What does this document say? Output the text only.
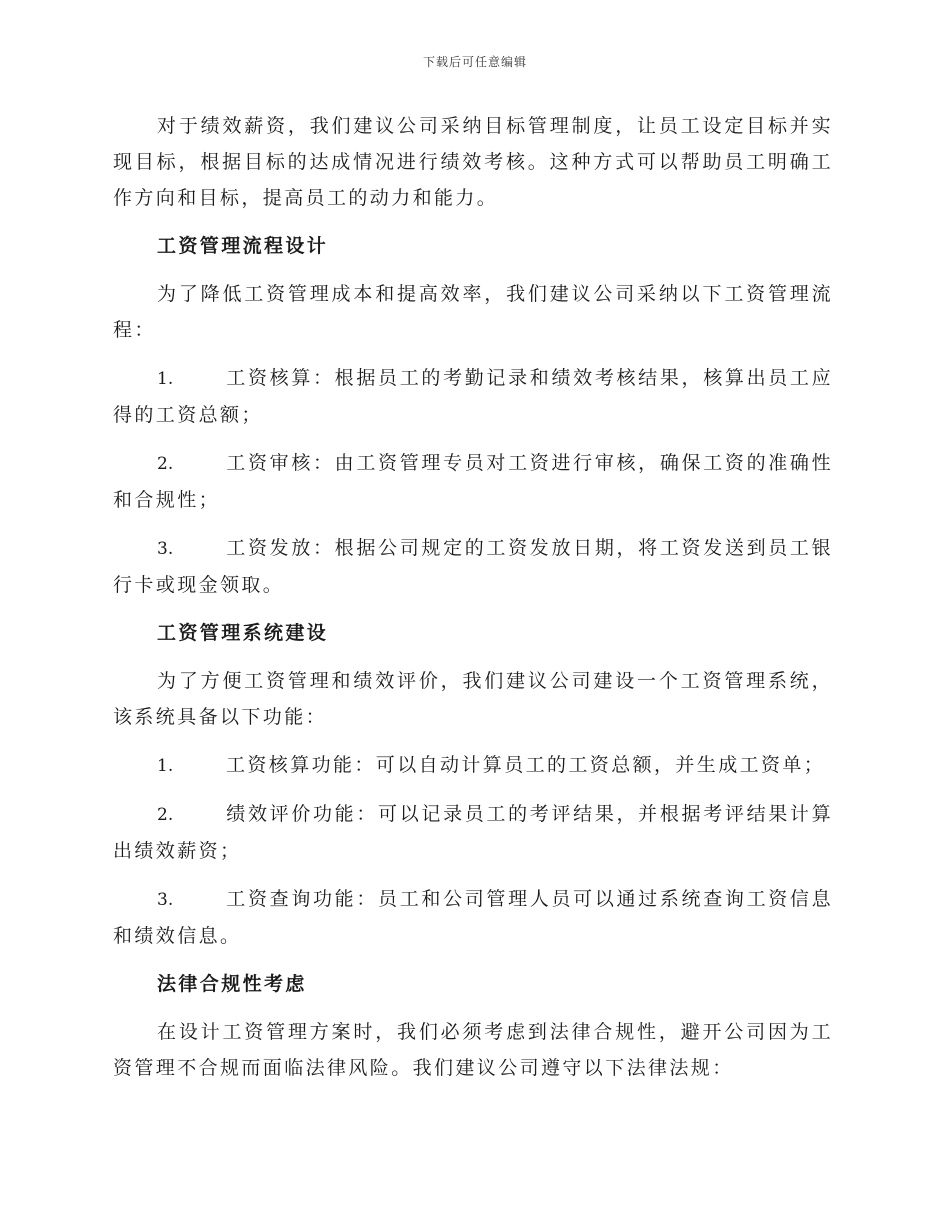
下载后可任意编辑

对于绩效薪资，我们建议公司采纳目标管理制度，让员工设定目标并实现目标，根据目标的达成情况进行绩效考核。这种方式可以帮助员工明确工作方向和目标，提高员工的动力和能力。

工资管理流程设计

为了降低工资管理成本和提高效率，我们建议公司采纳以下工资管理流程：

1.	工资核算：根据员工的考勤记录和绩效考核结果，核算出员工应得的工资总额；

2.	工资审核：由工资管理专员对工资进行审核，确保工资的准确性和合规性；

3.	工资发放：根据公司规定的工资发放日期，将工资发送到员工银行卡或现金领取。

工资管理系统建设

为了方便工资管理和绩效评价，我们建议公司建设一个工资管理系统，该系统具备以下功能：

1.	工资核算功能：可以自动计算员工的工资总额，并生成工资单；

2.	绩效评价功能：可以记录员工的考评结果，并根据考评结果计算出绩效薪资；

3.	工资查询功能：员工和公司管理人员可以通过系统查询工资信息和绩效信息。

法律合规性考虑

在设计工资管理方案时，我们必须考虑到法律合规性，避开公司因为工资管理不合规而面临法律风险。我们建议公司遵守以下法律法规：
